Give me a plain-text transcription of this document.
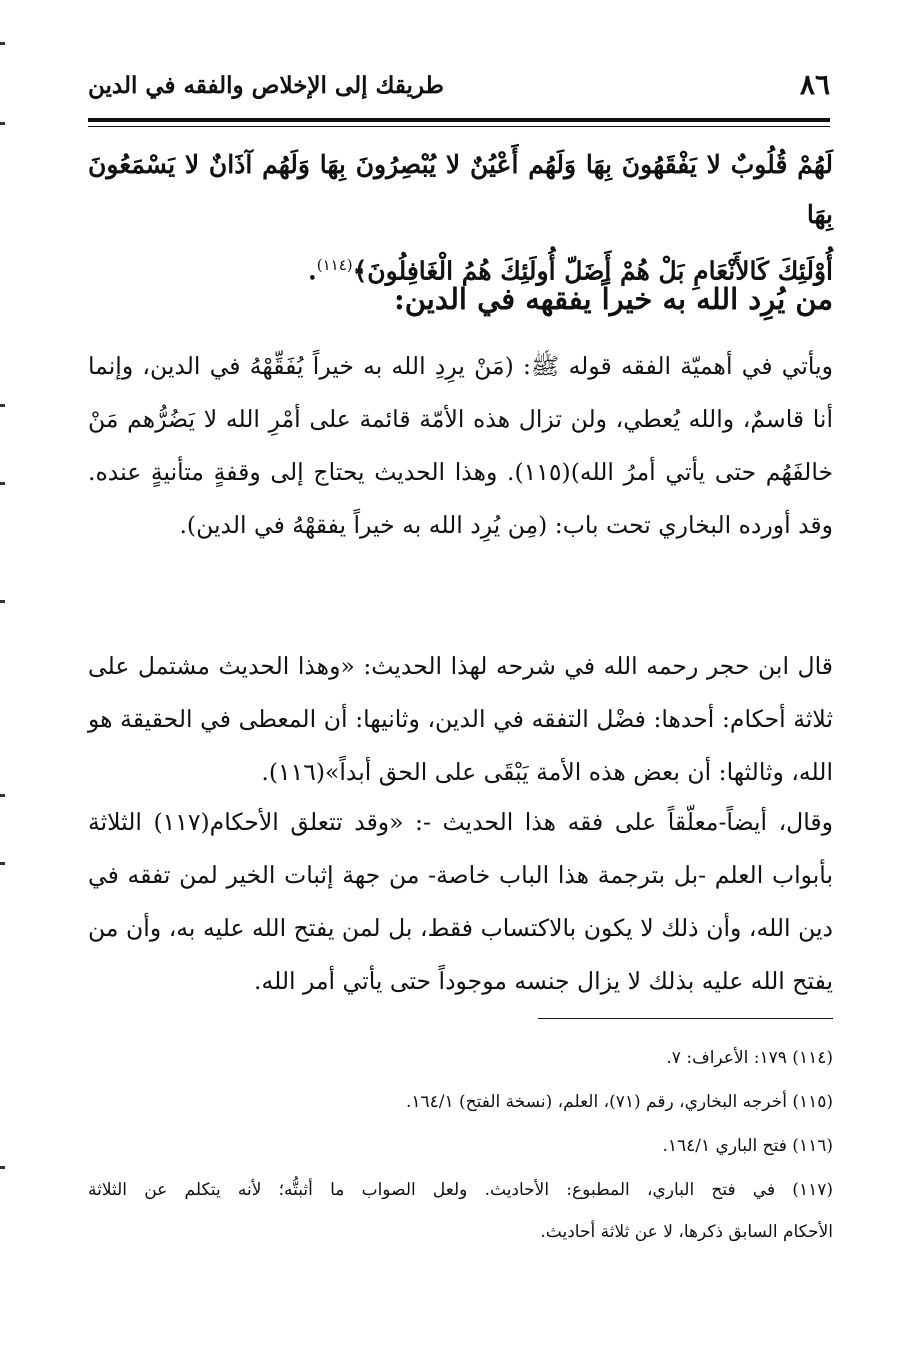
٨٦
طريقك إلى الإخلاص والفقه في الدين
لَهُمْ قُلُوبٌ لا يَفْقَهُونَ بِهَا وَلَهُم أَعْيُنٌ لا يُبْصِرُونَ بِهَا وَلَهُم آذَانٌ لا يَسْمَعُونَ بِهَا
أُوْلَئِكَ كَالأَنْعَامِ بَلْ هُمْ أَضَلّ أُولَئِكَ هُمُ الْغَافِلُونَ﴾$^{(١١٤)}$.
من يُرِد الله به خيراً يفقهه في الدين:
ويأتي في أهميّة الفقه قوله ﷺ: (مَنْ يرِدِ الله به خيراً يُفَقِّهْهُ في الدين، وإنما أنا قاسمٌ، والله يُعطي، ولن تزال هذه الأمّة قائمة على أمْرِ الله لا يَضُرُّهم مَنْ خالفَهُم حتى يأتي أمرُ الله)(١١٥). وهذا الحديث يحتاج إلى وقفةٍ متأنيةٍ عنده. وقد أورده البخاري تحت باب: (مِن يُرِد الله به خيراً يفقهْهُ في الدين).
قال ابن حجر رحمه الله في شرحه لهذا الحديث: «وهذا الحديث مشتمل على ثلاثة أحكام: أحدها: فضْل التفقه في الدين، وثانيها: أن المعطى في الحقيقة هو الله، وثالثها: أن بعض هذه الأمة يَبْقَى على الحق أبداً»(١١٦).
وقال، أيضاً-معلّقاً على فقه هذا الحديث -: «وقد تتعلق الأحكام(١١٧) الثلاثة بأبواب العلم -بل بترجمة هذا الباب خاصة- من جهة إثبات الخير لمن تفقه في دين الله، وأن ذلك لا يكون بالاكتساب فقط، بل لمن يفتح الله عليه به، وأن من يفتح الله عليه بذلك لا يزال جنسه موجوداً حتى يأتي أمر الله.
(١١٤) ١٧٩: الأعراف: ٧.
(١١٥) أخرجه البخاري، رقم (٧١)، العلم، (نسخة الفتح) ١٦٤/١.
(١١٦) فتح الباري ١٦٤/١.
(١١٧) في فتح الباري، المطبوع: الأحاديث. ولعل الصواب ما أثبتُّه؛ لأنه يتكلم عن الثلاثة
الأحكام السابق ذكرها، لا عن ثلاثة أحاديث.
